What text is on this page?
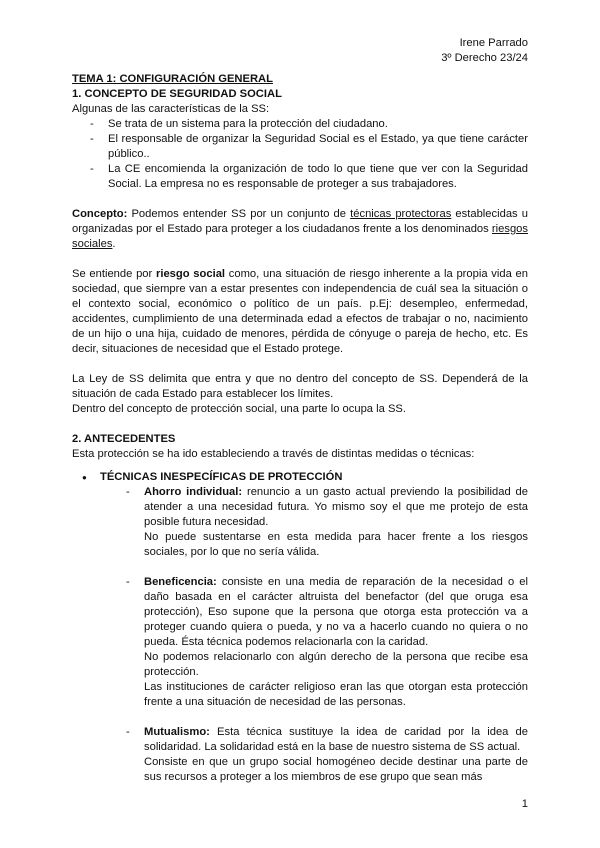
Irene Parrado
3º Derecho 23/24

TEMA 1: CONFIGURACIÓN GENERAL

1. CONCEPTO DE SEGURIDAD SOCIAL

Algunas de las características de la SS:

- Se trata de un sistema para la protección del ciudadano.
- El responsable de organizar la Seguridad Social es el Estado, ya que tiene carácter público..
- La CE encomienda la organización de todo lo que tiene que ver con la Seguridad Social. La empresa no es responsable de proteger a sus trabajadores.

Concepto: Podemos entender SS por un conjunto de técnicas protectoras establecidas u organizadas por el Estado para proteger a los ciudadanos frente a los denominados riesgos sociales.

Se entiende por riesgo social como, una situación de riesgo inherente a la propia vida en sociedad, que siempre van a estar presentes con independencia de cuál sea la situación o el contexto social, económico o político de un país. p.Ej: desempleo, enfermedad, accidentes, cumplimiento de una determinada edad a efectos de trabajar o no, nacimiento de un hijo o una hija, cuidado de menores, pérdida de cónyuge o pareja de hecho, etc. Es decir, situaciones de necesidad que el Estado protege.

La Ley de SS delimita que entra y que no dentro del concepto de SS. Dependerá de la situación de cada Estado para establecer los límites.

Dentro del concepto de protección social, una parte lo ocupa la SS.

2. ANTECEDENTES

Esta protección se ha ido estableciendo a través de distintas medidas o técnicas:

● TÉCNICAS INESPECÍFICAS DE PROTECCIÓN

- Ahorro individual: renuncio a un gasto actual previendo la posibilidad de atender a una necesidad futura. Yo mismo soy el que me protejo de esta posible futura necesidad.

No puede sustentarse en esta medida para hacer frente a los riesgos sociales, por lo que no sería válida.

- Beneficencia: consiste en una media de reparación de la necesidad o el daño basada en el carácter altruista del benefactor (del que oruga esa protección), Eso supone que la persona que otorga esta protección va a proteger cuando quiera o pueda, y no va a hacerlo cuando no quiera o no pueda. Ésta técnica podemos relacionarla con la caridad.

No podemos relacionarlo con algún derecho de la persona que recibe esa protección.

Las instituciones de carácter religioso eran las que otorgan esta protección frente a una situación de necesidad de las personas.

- Mutualismo: Esta técnica sustituye la idea de caridad por la idea de solidaridad. La solidaridad está en la base de nuestro sistema de SS actual.

Consiste en que un grupo social homogéneo decide destinar una parte de sus recursos a proteger a los miembros de ese grupo que sean más

1
